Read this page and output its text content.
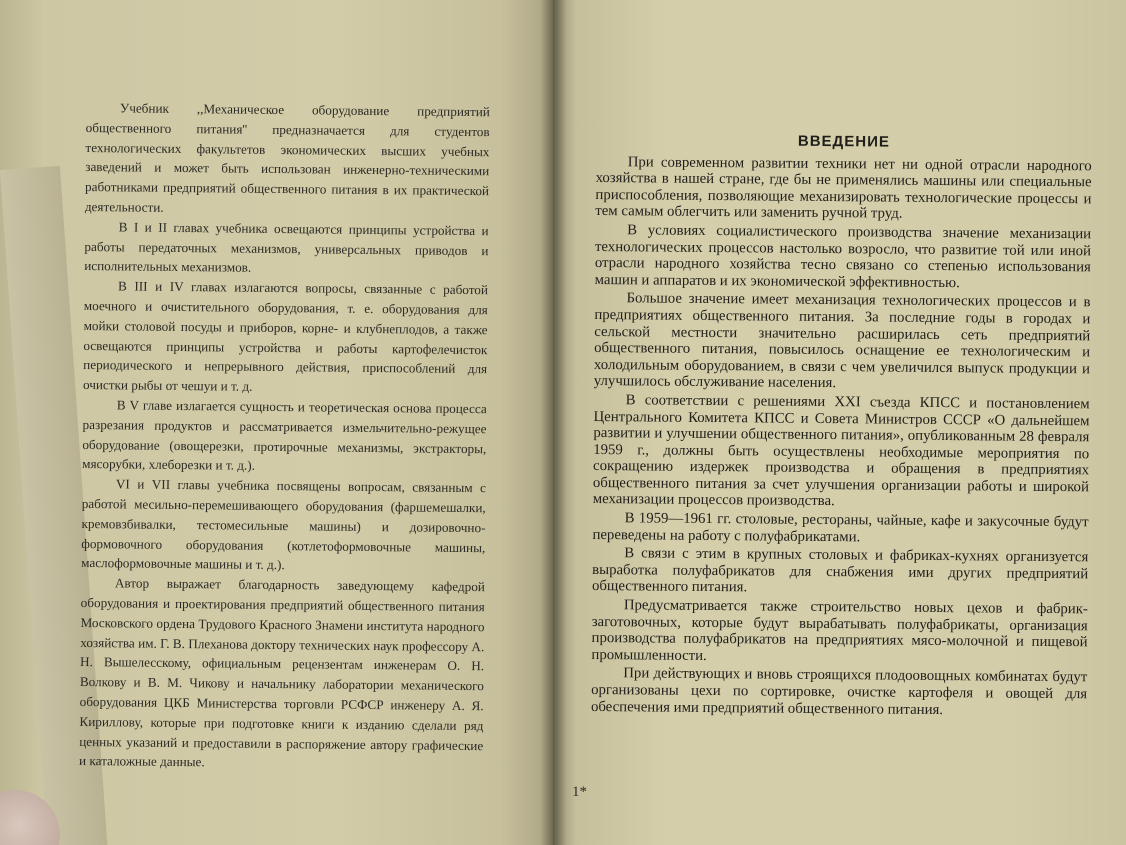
Учебник ,,Механическое оборудование предприятий общественного питания'' предназначается для студентов технологических факультетов экономических высших учебных заведений и может быть использован инженерно-техническими работниками предприятий общественного питания в их практической деятельности.

В I и II главах учебника освещаются принципы устройства и работы передаточных механизмов, универсальных приводов и исполнительных механизмов.

В III и IV главах излагаются вопросы, связанные с работой моечного и очистительного оборудования, т. е. оборудования для мойки столовой посуды и приборов, корне- и клубнеплодов, а также освещаются принципы устройства и работы картофелечисток периодического и непрерывного действия, приспособлений для очистки рыбы от чешуи и т. д.

В V главе излагается сущность и теоретическая основа процесса разрезания продуктов и рассматривается измельчительно-режущее оборудование (овощерезки, протирочные механизмы, экстракторы, мясорубки, хлеборезки и т. д.).

VI и VII главы учебника посвящены вопросам, связанным с работой месильно-перемешивающего оборудования (фаршемешалки, кремовзбивалки, тестомесильные машины) и дозировочно-формовочного оборудования (котлетоформовочные машины, маслоформовочные машины и т. д.).

Автор выражает благодарность заведующему кафедрой оборудования и проектирования предприятий общественного питания Московского ордена Трудового Красного Знамени института народного хозяйства им. Г. В. Плеханова доктору технических наук профессору А. Н. Вышелесскому, официальным рецензентам инженерам О. Н. Волкову и В. М. Чикову и начальнику лаборатории механического оборудования ЦКБ Министерства торговли РСФСР инженеру А. Я. Кириллову, которые при подготовке книги к изданию сделали ряд ценных указаний и предоставили в распоряжение автору графические и каталожные данные.

ВВЕДЕНИЕ

При современном развитии техники нет ни одной отрасли народного хозяйства в нашей стране, где бы не применялись машины или специальные приспособления, позволяющие механизировать технологические процессы и тем самым облегчить или заменить ручной труд.

В условиях социалистического производства значение механизации технологических процессов настолько возросло, что развитие той или иной отрасли народного хозяйства тесно связано со степенью использования машин и аппаратов и их экономической эффективностью.

Большое значение имеет механизация технологических процессов и в предприятиях общественного питания. За последние годы в городах и сельской местности значительно расширилась сеть предприятий общественного питания, повысилось оснащение ее технологическим и холодильным оборудованием, в связи с чем увеличился выпуск продукции и улучшилось обслуживание населения.

В соответствии с решениями XXI съезда КПСС и постановлением Центрального Комитета КПСС и Совета Министров СССР «О дальнейшем развитии и улучшении общественного питания», опубликованным 28 февраля 1959 г., должны быть осуществлены необходимые мероприятия по сокращению издержек производства и обращения в предприятиях общественного питания за счет улучшения организации работы и широкой механизации процессов производства.

В 1959—1961 гг. столовые, рестораны, чайные, кафе и закусочные будут переведены на работу с полуфабрикатами.

В связи с этим в крупных столовых и фабриках-кухнях организуется выработка полуфабрикатов для снабжения ими других предприятий общественного питания.

Предусматривается также строительство новых цехов и фабрик-заготовочных, которые будут вырабатывать полуфабрикаты, организация производства полуфабрикатов на предприятиях мясо-молочной и пищевой промышленности.

При действующих и вновь строящихся плодоовощных комбинатах будут организованы цехи по сортировке, очистке картофеля и овощей для обеспечения ими предприятий общественного питания.

1*
